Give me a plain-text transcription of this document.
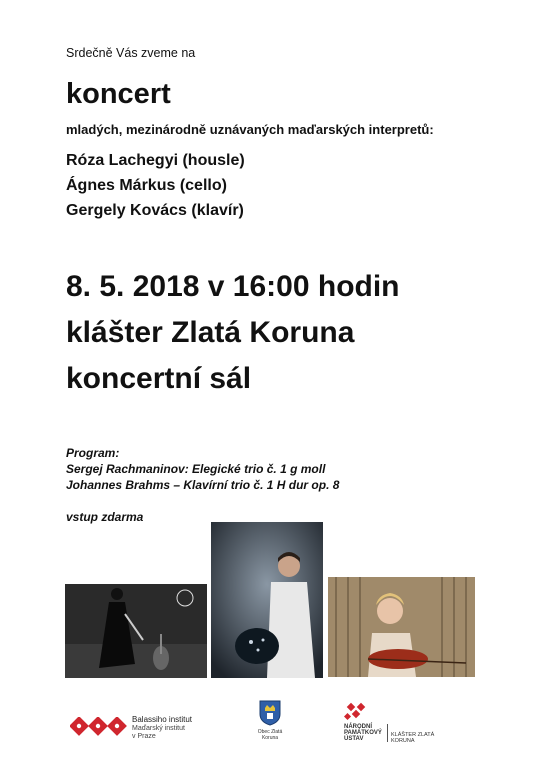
Srdečně Vás zveme na
koncert
mladých, mezinárodně uznávaných maďarských interpretů:
Róza Lachegyi (housle)
Ágnes Márkus (cello)
Gergely Kovács (klavír)
8. 5. 2018 v 16:00 hodin
klášter Zlatá Koruna
koncertní sál
Program:
Sergej Rachmaninov: Elegické trio č. 1 g moll
Johannes Brahms – Klavírní trio č. 1 H dur op. 8
vstup zdarma
Balassiho institut
Maďarský institut
v Praze
Obec Zlatá Koruna
NÁRODNÍ
PAMÁTKOVÝ
ÚSTAV
KLÁŠTER ZLATÁ KORUNA
